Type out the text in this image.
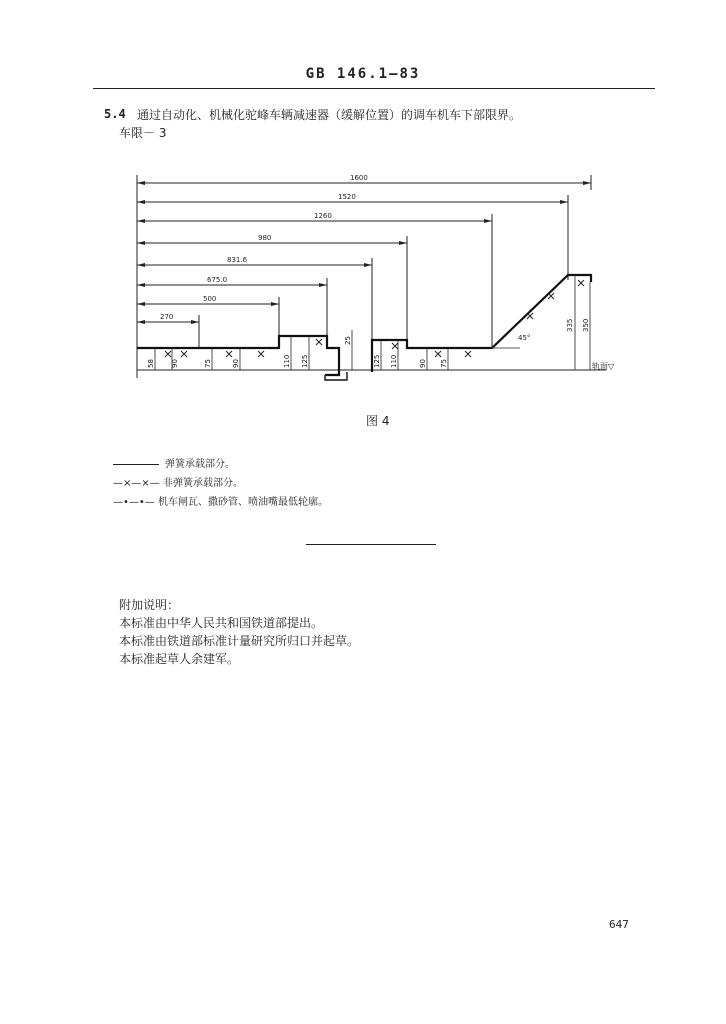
GB 146.1—83
5.4 通过自动化、机械化驼峰车辆减速器（缓解位置）的调车机车下部限界。
车限－ 3
1600
1520
1260
980
831.6
675.0
500
270
58 90	75	90	110 125
25
125 110	90 75
335 350
45°
轨面▽
图 4
弹簧承载部分。
—×—×— 非弹簧承载部分。
—•—•— 机车闸瓦、撒砂管、喷油嘴最低轮廓。
附加说明：
本标准由中华人民共和国铁道部提出。
本标准由铁道部标准计量研究所归口并起草。
本标准起草人余建军。
647
